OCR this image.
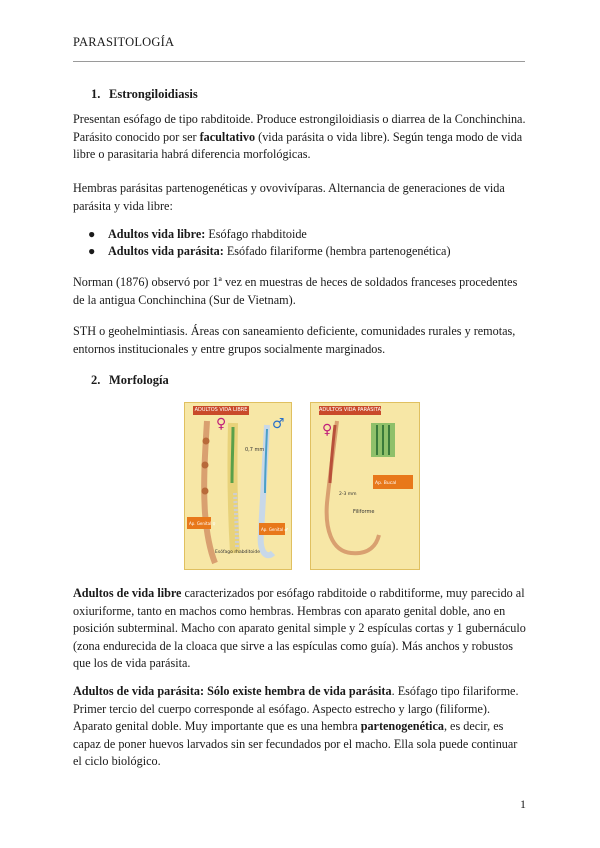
PARASITOLOGÍA
1. Estrongiloidiasis

Presentan esófago de tipo rabditoide. Produce estrongiloidiasis o diarrea de la Conchinchina. Parásito conocido por ser facultativo (vida parásita o vida libre). Según tenga modo de vida libre o parasitaria habrá diferencia morfológicas.

Hembras parásitas partenogenéticas y ovovivíparas. Alternancia de generaciones de vida parásita y vida libre:

● Adultos vida libre: Esófago rhabditoide
● Adultos vida parásita: Esófado filariforme (hembra partenogenética)

Norman (1876) observó por 1ª vez en muestras de heces de soldados franceses procedentes de la antigua Conchinchina (Sur de Vietnam).

STH o geohelmintiasis. Áreas con saneamiento deficiente, comunidades rurales y remotas, entornos institucionales y entre grupos socialmente marginados.

2. Morfología
ADULTOS VIDA LIBRE
0,7 mm
Esófago rhabditoide
Ap. Genital ♀
Ap. Genital ♂
♀	♂
ADULTOS VIDA PARÁSITA
Ap. Bucal
Filiforme
2-3 mm
♀

Adultos de vida libre caracterizados por esófago rabditoide o rabditiforme, muy parecido al oxiuriforme, tanto en machos como hembras. Hembras con aparato genital doble, ano en posición subterminal. Macho con aparato genital simple y 2 espículas cortas y 1 gubernáculo (zona endurecida de la cloaca que sirve a las espículas como guía). Más anchos y robustos que los de vida parásita.

Adultos de vida parásita: Sólo existe hembra de vida parásita. Esófago tipo filariforme. Primer tercio del cuerpo corresponde al esófago. Aspecto estrecho y largo (filiforme). Aparato genital doble. Muy importante que es una hembra partenogenética, es decir, es capaz de poner huevos larvados sin ser fecundados por el macho. Ella sola puede continuar el ciclo biológico.

1
